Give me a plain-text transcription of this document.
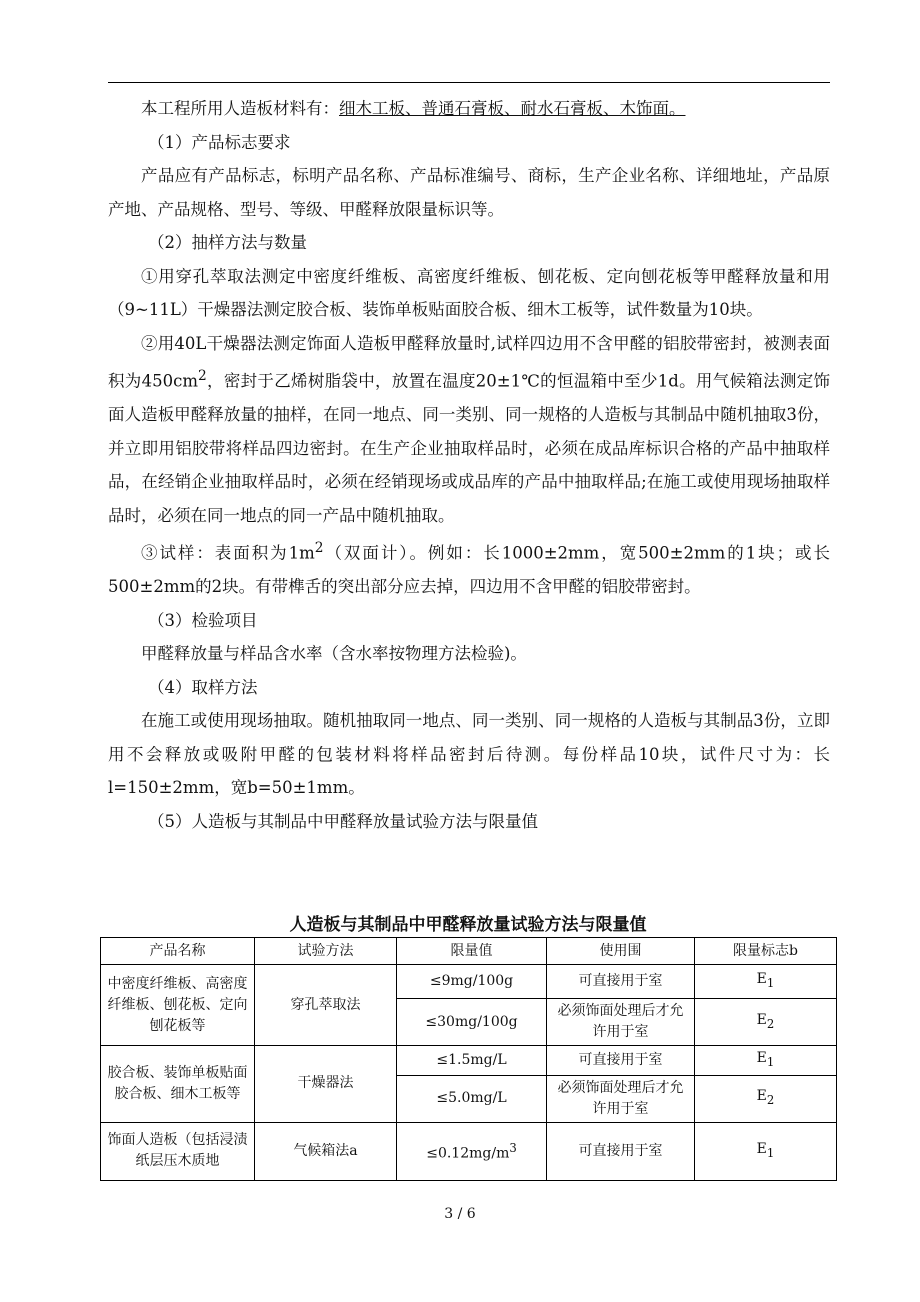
本工程所用人造板材料有：细木工板、普通石膏板、耐水石膏板、木饰面。

（1）产品标志要求

产品应有产品标志，标明产品名称、产品标准编号、商标，生产企业名称、详细地址，产品原产地、产品规格、型号、等级、甲醛释放限量标识等。

（2）抽样方法与数量

①用穿孔萃取法测定中密度纤维板、高密度纤维板、刨花板、定向刨花板等甲醛释放量和用（9~11L）干燥器法测定胶合板、装饰单板贴面胶合板、细木工板等，试件数量为10块。

②用40L干燥器法测定饰面人造板甲醛释放量时,试样四边用不含甲醛的铝胶带密封，被测表面积为$450cm^2$，密封于乙烯树脂袋中，放置在温度20±1℃的恒温箱中至少1d。用气候箱法测定饰面人造板甲醛释放量的抽样，在同一地点、同一类别、同一规格的人造板与其制品中随机抽取3份，并立即用铝胶带将样品四边密封。在生产企业抽取样品时，必须在成品库标识合格的产品中抽取样品，在经销企业抽取样品时，必须在经销现场或成品库的产品中抽取样品;在施工或使用现场抽取样品时，必须在同一地点的同一产品中随机抽取。

③试样：表面积为$1m^2$（双面计）。例如：长1000±2mm，宽500±2mm的1块；或长500±2mm的2块。有带榫舌的突出部分应去掉，四边用不含甲醛的铝胶带密封。

（3）检验项目

甲醛释放量与样品含水率（含水率按物理方法检验)。

（4）取样方法

在施工或使用现场抽取。随机抽取同一地点、同一类别、同一规格的人造板与其制品3份，立即用不会释放或吸附甲醛的包装材料将样品密封后待测。每份样品10块，试件尺寸为：长l=150±2mm，宽b=50±1mm。

（5）人造板与其制品中甲醛释放量试验方法与限量值

人造板与其制品中甲醛释放量试验方法与限量值
产品名称	试验方法	限量值	使用围	限量标志b
中密度纤维板、高密度纤维板、刨花板、定向刨花板等	穿孔萃取法	≤9mg/100g	可直接用于室	$E_1$
		≤30mg/100g	必须饰面处理后才允许用于室	$E_2$
胶合板、装饰单板贴面胶合板、细木工板等	干燥器法	≤1.5mg/L	可直接用于室	$E_1$
		≤5.0mg/L	必须饰面处理后才允许用于室	$E_2$
饰面人造板（包括浸渍纸层压木质地	气候箱法a	$\le 0.12mg/m^3$	可直接用于室	$E_1$
3 / 6
